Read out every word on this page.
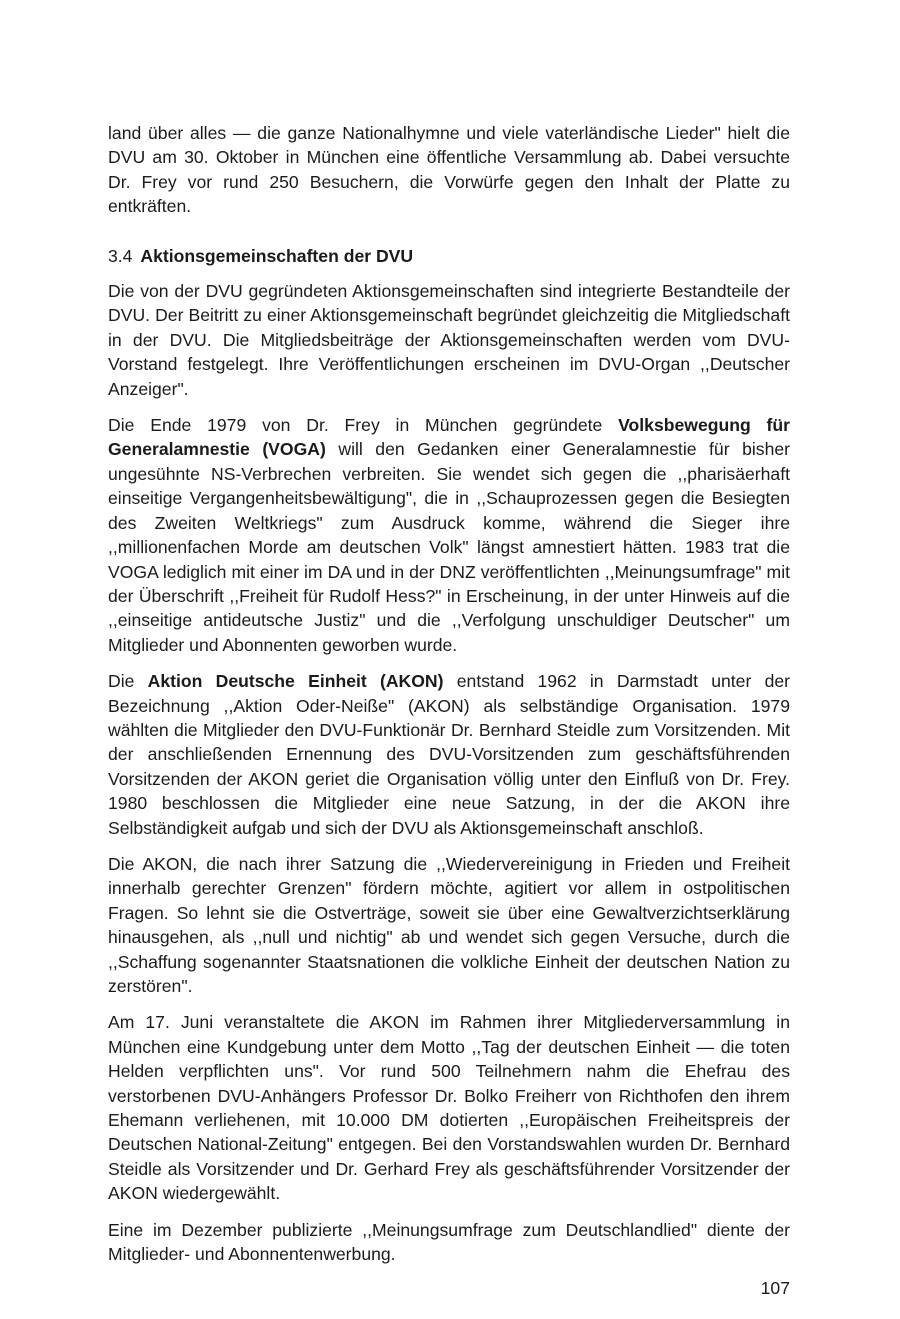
land über alles — die ganze Nationalhymne und viele vaterländische Lieder" hielt die DVU am 30. Oktober in München eine öffentliche Versammlung ab. Dabei versuchte Dr. Frey vor rund 250 Besuchern, die Vorwürfe gegen den Inhalt der Platte zu entkräften.

3.4 Aktionsgemeinschaften der DVU

Die von der DVU gegründeten Aktionsgemeinschaften sind integrierte Bestandteile der DVU. Der Beitritt zu einer Aktionsgemeinschaft begründet gleichzeitig die Mitgliedschaft in der DVU. Die Mitgliedsbeiträge der Aktionsgemeinschaften werden vom DVU-Vorstand festgelegt. Ihre Veröffentlichungen erscheinen im DVU-Organ ,,Deutscher Anzeiger".

Die Ende 1979 von Dr. Frey in München gegründete Volksbewegung für Generalamnestie (VOGA) will den Gedanken einer Generalamnestie für bisher ungesühnte NS-Verbrechen verbreiten. Sie wendet sich gegen die ,,pharisäerhaft einseitige Vergangenheitsbewältigung", die in ,,Schauprozessen gegen die Besiegten des Zweiten Weltkriegs" zum Ausdruck komme, während die Sieger ihre ,,millionenfachen Morde am deutschen Volk" längst amnestiert hätten. 1983 trat die VOGA lediglich mit einer im DA und in der DNZ veröffentlichten ,,Meinungsumfrage" mit der Überschrift ,,Freiheit für Rudolf Hess?" in Erscheinung, in der unter Hinweis auf die ,,einseitige antideutsche Justiz" und die ,,Verfolgung unschuldiger Deutscher" um Mitglieder und Abonnenten geworben wurde.

Die Aktion Deutsche Einheit (AKON) entstand 1962 in Darmstadt unter der Bezeichnung ,,Aktion Oder-Neiße" (AKON) als selbständige Organisation. 1979 wählten die Mitglieder den DVU-Funktionär Dr. Bernhard Steidle zum Vorsitzenden. Mit der anschließenden Ernennung des DVU-Vorsitzenden zum geschäftsführenden Vorsitzenden der AKON geriet die Organisation völlig unter den Einfluß von Dr. Frey. 1980 beschlossen die Mitglieder eine neue Satzung, in der die AKON ihre Selbständigkeit aufgab und sich der DVU als Aktionsgemeinschaft anschloß.

Die AKON, die nach ihrer Satzung die ,,Wiedervereinigung in Frieden und Freiheit innerhalb gerechter Grenzen" fördern möchte, agitiert vor allem in ostpolitischen Fragen. So lehnt sie die Ostverträge, soweit sie über eine Gewaltverzichtserklärung hinausgehen, als ,,null und nichtig" ab und wendet sich gegen Versuche, durch die ,,Schaffung sogenannter Staatsnationen die volkliche Einheit der deutschen Nation zu zerstören".

Am 17. Juni veranstaltete die AKON im Rahmen ihrer Mitgliederversammlung in München eine Kundgebung unter dem Motto ,,Tag der deutschen Einheit — die toten Helden verpflichten uns". Vor rund 500 Teilnehmern nahm die Ehefrau des verstorbenen DVU-Anhängers Professor Dr. Bolko Freiherr von Richthofen den ihrem Ehemann verliehenen, mit 10.000 DM dotierten ,,Europäischen Freiheitspreis der Deutschen National-Zeitung" entgegen. Bei den Vorstandswahlen wurden Dr. Bernhard Steidle als Vorsitzender und Dr. Gerhard Frey als geschäftsführender Vorsitzender der AKON wiedergewählt.

Eine im Dezember publizierte ,,Meinungsumfrage zum Deutschlandlied" diente der Mitglieder- und Abonnentenwerbung.

107
